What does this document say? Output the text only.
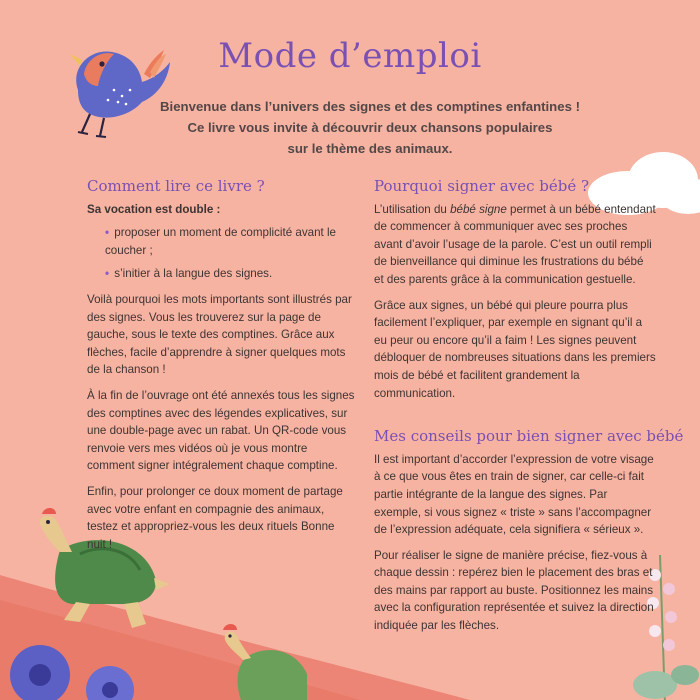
Mode d’emploi
Bienvenue dans l’univers des signes et des comptines enfantines !
Ce livre vous invite à découvrir deux chansons populaires
sur le thème des animaux.
Comment lire ce livre ?
Sa vocation est double :
• proposer un moment de complicité avant le coucher ;
• s’initier à la langue des signes.

Voilà pourquoi les mots importants sont illustrés par des signes. Vous les trouverez sur la page de gauche, sous le texte des comptines. Grâce aux flèches, facile d’apprendre à signer quelques mots de la chanson !

À la fin de l’ouvrage ont été annexés tous les signes des comptines avec des légendes explicatives, sur une double-page avec un rabat. Un QR-code vous renvoie vers mes vidéos où je vous montre comment signer intégralement chaque comptine.

Enfin, pour prolonger ce doux moment de partage avec votre enfant en compagnie des animaux, testez et appropriez-vous les deux rituels Bonne nuit !

Pourquoi signer avec bébé ?

L’utilisation du bébé signe permet à un bébé entendant de commencer à communiquer avec ses proches avant d’avoir l’usage de la parole. C’est un outil rempli de bienveillance qui diminue les frustrations du bébé et des parents grâce à la communication gestuelle.

Grâce aux signes, un bébé qui pleure pourra plus facilement l’expliquer, par exemple en signant qu’il a eu peur ou encore qu’il a faim ! Les signes peuvent débloquer de nombreuses situations dans les premiers mois de bébé et facilitent grandement la communication.

Mes conseils pour bien signer avec bébé

Il est important d’accorder l’expression de votre visage à ce que vous êtes en train de signer, car celle-ci fait partie intégrante de la langue des signes. Par exemple, si vous signez « triste » sans l’accompagner de l’expression adéquate, cela signifiera « sérieux ».

Pour réaliser le signe de manière précise, fiez-vous à chaque dessin : repérez bien le placement des bras et des mains par rapport au buste. Positionnez les mains avec la configuration représentée et suivez la direction indiquée par les flèches.
